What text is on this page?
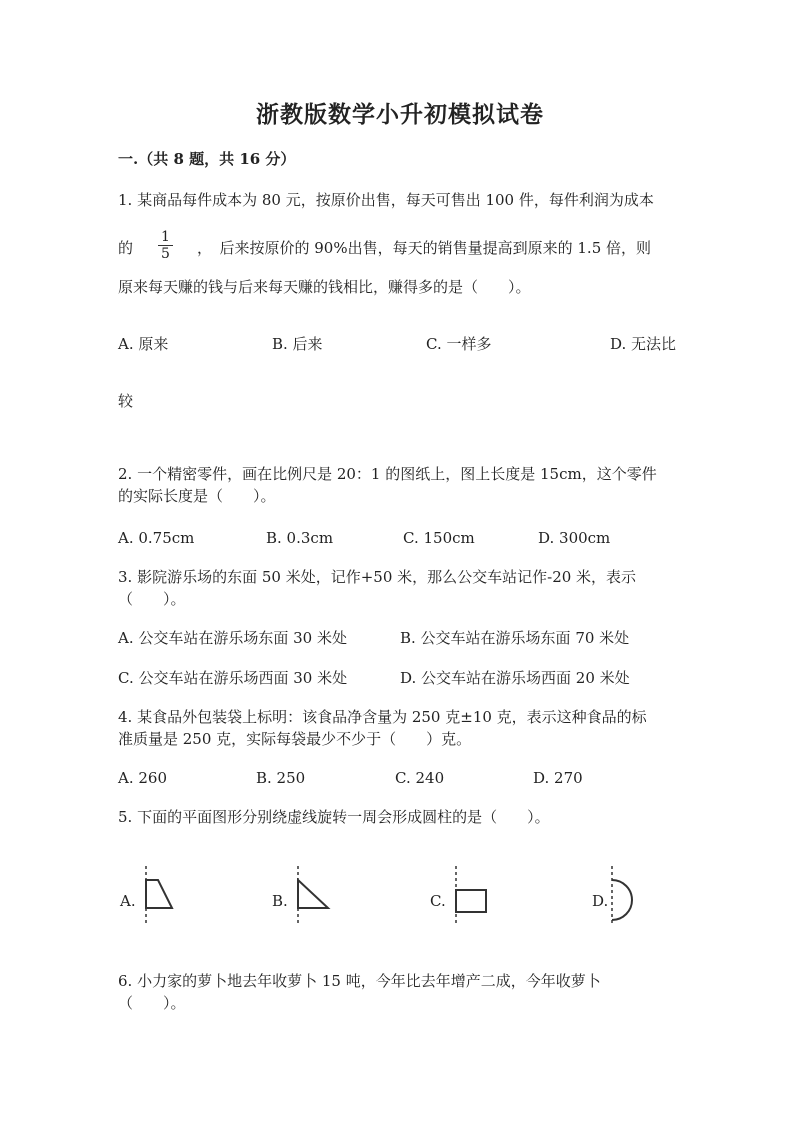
浙教版数学小升初模拟试卷
一.（共 8 题，共 16 分）
1. 某商品每件成本为 80 元，按原价出售，每天可售出 100 件，每件利润为成本
的 $\frac{1}{5}$ ，　后来按原价的 90%出售，每天的销售量提高到原来的 1.5 倍，则
原来每天赚的钱与后来每天赚的钱相比，赚得多的是（　　）。
A. 原来	B. 后来	C. 一样多	D. 无法比
较
2. 一个精密零件，画在比例尺是 20：1 的图纸上，图上长度是 15cm，这个零件
的实际长度是（　　）。
A. 0.75cm	B. 0.3cm	C. 150cm	D. 300cm
3. 影院游乐场的东面 50 米处，记作+50 米，那么公交车站记作-20 米，表示
（　　）。
A. 公交车站在游乐场东面 30 米处	B. 公交车站在游乐场东面 70 米处
C. 公交车站在游乐场西面 30 米处	D. 公交车站在游乐场西面 20 米处
4. 某食品外包装袋上标明：该食品净含量为 250 克±10 克，表示这种食品的标
准质量是 250 克，实际每袋最少不少于（　　）克。
A. 260	B. 250	C. 240	D. 270
5. 下面的平面图形分别绕虚线旋转一周会形成圆柱的是（　　）。
A.	B.	C.	D.
6. 小力家的萝卜地去年收萝卜 15 吨，今年比去年增产二成，今年收萝卜
（　　）。
